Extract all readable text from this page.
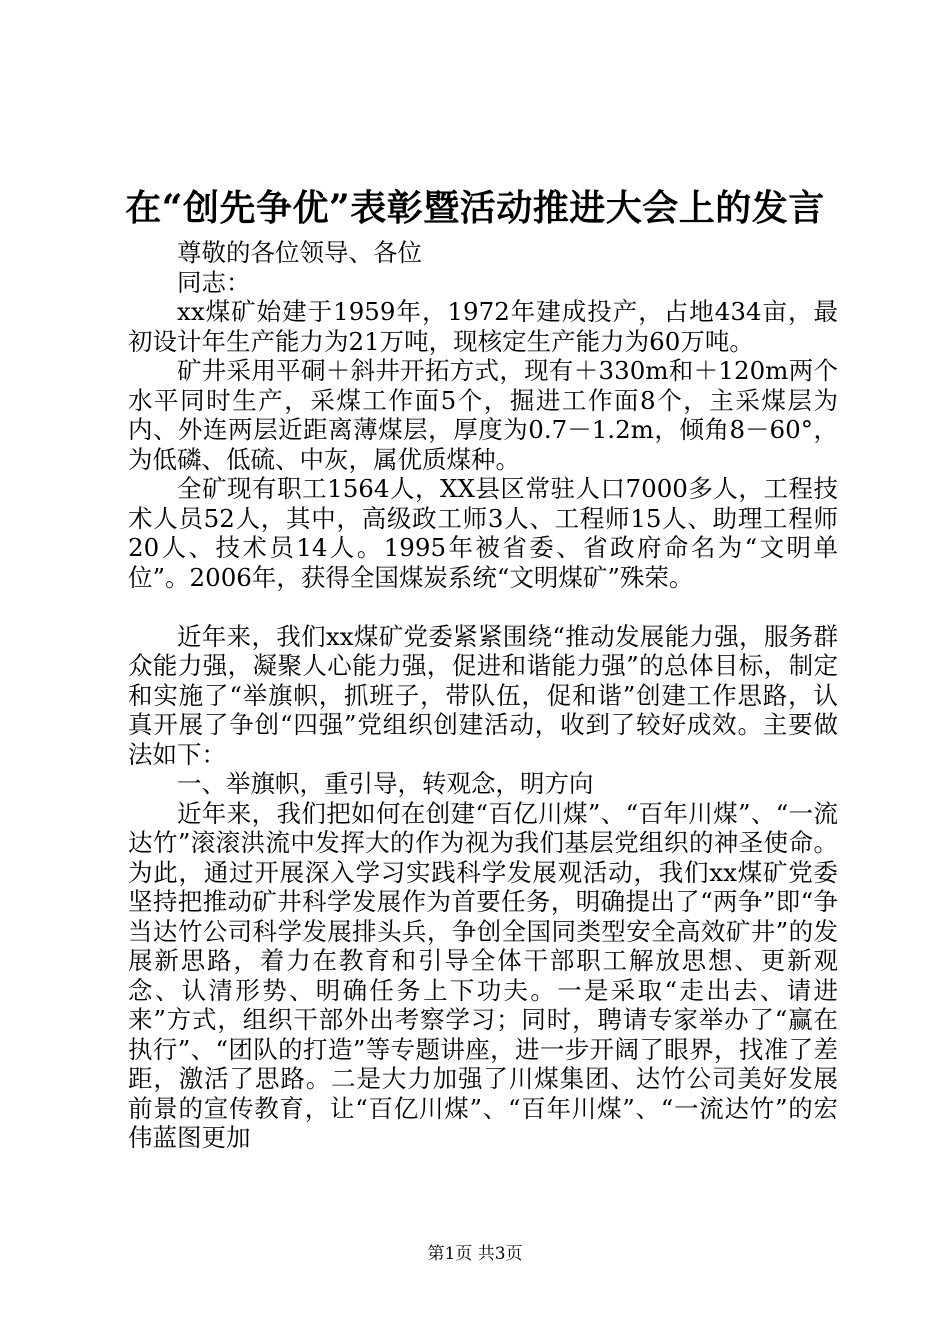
在“创先争优”表彰暨活动推进大会上的发言

尊敬的各位领导、各位

同志：

xx煤矿始建于1959年，1972年建成投产，占地434亩，最初设计年生产能力为21万吨，现核定生产能力为60万吨。

矿井采用平硐＋斜井开拓方式，现有＋330m和＋120m两个水平同时生产，采煤工作面5个，掘进工作面8个，主采煤层为内、外连两层近距离薄煤层，厚度为0.7－1.2m，倾角8－60°，为低磷、低硫、中灰，属优质煤种。

全矿现有职工1564人，XX县区常驻人口7000多人，工程技术人员52人，其中，高级政工师3人、工程师15人、助理工程师20人、技术员14人。1995年被省委、省政府命名为“文明单位”。2006年，获得全国煤炭系统“文明煤矿”殊荣。

近年来，我们xx煤矿党委紧紧围绕“推动发展能力强，服务群众能力强，凝聚人心能力强，促进和谐能力强”的总体目标，制定和实施了“举旗帜，抓班子，带队伍，促和谐”创建工作思路，认真开展了争创“四强”党组织创建活动，收到了较好成效。主要做法如下：

一、举旗帜，重引导，转观念，明方向

近年来，我们把如何在创建“百亿川煤”、“百年川煤”、“一流达竹”滚滚洪流中发挥大的作为视为我们基层党组织的神圣使命。为此，通过开展深入学习实践科学发展观活动，我们xx煤矿党委坚持把推动矿井科学发展作为首要任务，明确提出了“两争”即“争当达竹公司科学发展排头兵，争创全国同类型安全高效矿井”的发展新思路，着力在教育和引导全体干部职工解放思想、更新观念、认清形势、明确任务上下功夫。一是采取“走出去、请进来”方式，组织干部外出考察学习；同时，聘请专家举办了“赢在执行”、“团队的打造”等专题讲座，进一步开阔了眼界，找准了差距，激活了思路。二是大力加强了川煤集团、达竹公司美好发展前景的宣传教育，让“百亿川煤”、“百年川煤”、“一流达竹”的宏伟蓝图更加

第1页 共3页
